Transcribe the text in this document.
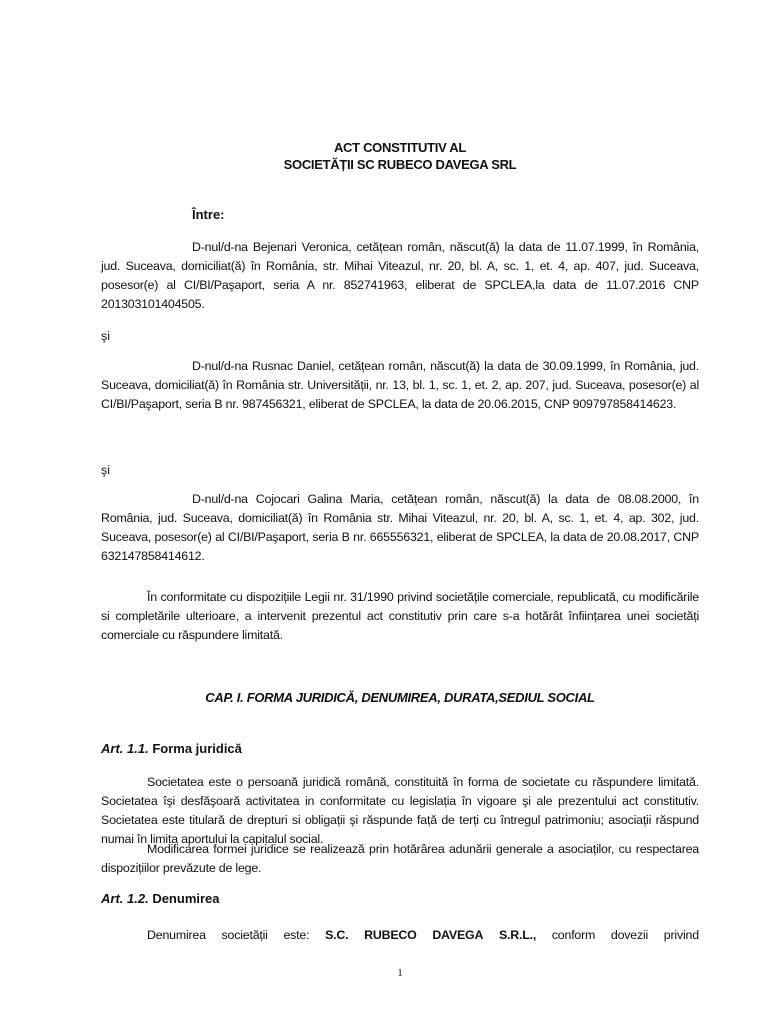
ACT CONSTITUTIV AL
SOCIETĂȚII SC RUBECO DAVEGA SRL
Între:
D-nul/d-na Bejenari Veronica, cetățean român, născut(ă) la data de 11.07.1999, în România, jud. Suceava, domiciliat(ă) în România, str. Mihai Viteazul, nr. 20, bl. A, sc. 1, et. 4, ap. 407, jud. Suceava, posesor(e) al CI/BI/Paşaport, seria A nr. 852741963, eliberat de SPCLEA,la data de 11.07.2016 CNP 201303101404505.
şi
D-nul/d-na Rusnac Daniel, cetățean român, născut(ă) la data de 30.09.1999, în România, jud. Suceava, domiciliat(ă) în România str. Universității, nr. 13, bl. 1, sc. 1, et. 2, ap. 207, jud. Suceava, posesor(e) al CI/BI/Paşaport, seria B nr. 987456321, eliberat de SPCLEA, la data de 20.06.2015, CNP 909797858414623.
şi
D-nul/d-na Cojocari Galina Maria, cetățean român, născut(ă) la data de 08.08.2000, în România, jud. Suceava, domiciliat(ă) în România str. Mihai Viteazul, nr. 20, bl. A, sc. 1, et. 4, ap. 302, jud. Suceava, posesor(e) al CI/BI/Paşaport, seria B nr. 665556321, eliberat de SPCLEA, la data de 20.08.2017, CNP 632147858414612.
În conformitate cu dispozițiile Legii nr. 31/1990 privind societățile comerciale, republicată, cu modificările si completările ulterioare, a intervenit prezentul act constitutiv prin care s-a hotărât înființarea unei societăți comerciale cu răspundere limitată.
CAP. I. FORMA JURIDICĂ, DENUMIREA, DURATA,SEDIUL SOCIAL
Art. 1.1. Forma juridică
Societatea este o persoană juridică română, constituită în forma de societate cu răspundere limitată. Societatea îşi desfăşoară activitatea in conformitate cu legislația în vigoare şi ale prezentului act constitutiv. Societatea este titulară de drepturi si obligații şi răspunde față de terți cu întregul patrimoniu; asociații răspund numai în limita aportului la capitalul social.
Modificarea formei juridice se realizează prin hotărârea adunării generale a asociaților, cu respectarea dispozițiilor prevăzute de lege.
Art. 1.2. Denumirea
Denumirea societății este: S.C. RUBECO DAVEGA S.R.L., conform dovezii privind
1
